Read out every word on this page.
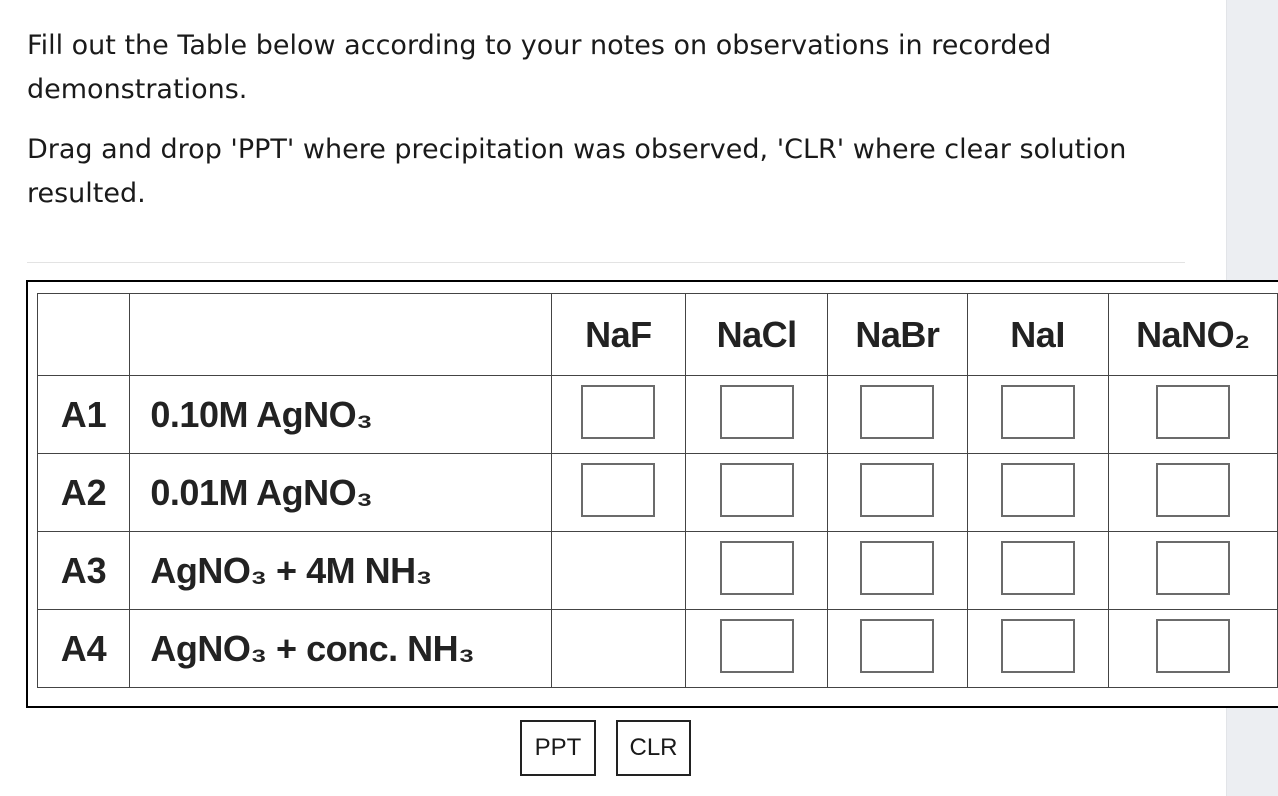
Fill out the Table below according to your notes on observations in recorded demonstrations.

Drag and drop 'PPT' where precipitation was observed, 'CLR' where clear solution resulted.

		NaF	NaCl	NaBr	NaI	NaNO₂
A1	0.10M AgNO₃					
A2	0.01M AgNO₃					
A3	AgNO₃ + 4M NH₃					
A4	AgNO₃ + conc. NH₃					
PPT	CLR
